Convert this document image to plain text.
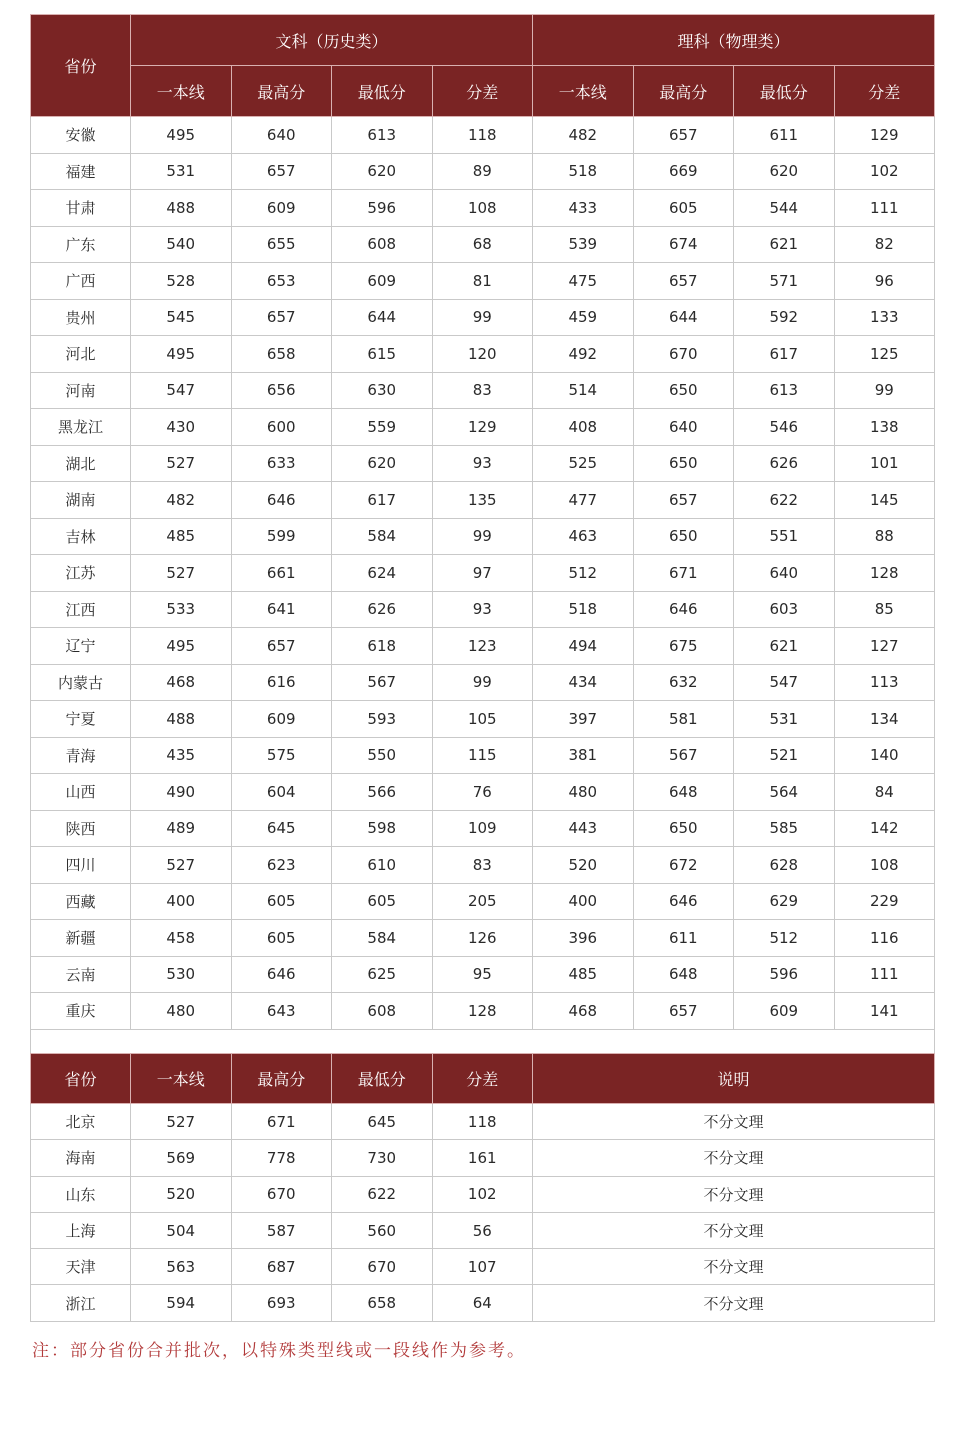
省份	文科（历史类）				理科（物理类）			
	一本线	最高分	最低分	分差	一本线	最高分	最低分	分差
安徽	495	640	613	118	482	657	611	129
福建	531	657	620	89	518	669	620	102
甘肃	488	609	596	108	433	605	544	111
广东	540	655	608	68	539	674	621	82
广西	528	653	609	81	475	657	571	96
贵州	545	657	644	99	459	644	592	133
河北	495	658	615	120	492	670	617	125
河南	547	656	630	83	514	650	613	99
黑龙江	430	600	559	129	408	640	546	138
湖北	527	633	620	93	525	650	626	101
湖南	482	646	617	135	477	657	622	145
吉林	485	599	584	99	463	650	551	88
江苏	527	661	624	97	512	671	640	128
江西	533	641	626	93	518	646	603	85
辽宁	495	657	618	123	494	675	621	127
内蒙古	468	616	567	99	434	632	547	113
宁夏	488	609	593	105	397	581	531	134
青海	435	575	550	115	381	567	521	140
山西	490	604	566	76	480	648	564	84
陕西	489	645	598	109	443	650	585	142
四川	527	623	610	83	520	672	628	108
西藏	400	605	605	205	400	646	629	229
新疆	458	605	584	126	396	611	512	116
云南	530	646	625	95	485	648	596	111
重庆	480	643	608	128	468	657	609	141

省份	一本线	最高分	最低分	分差	说明
北京	527	671	645	118	不分文理
海南	569	778	730	161	不分文理
山东	520	670	622	102	不分文理
上海	504	587	560	56	不分文理
天津	563	687	670	107	不分文理
浙江	594	693	658	64	不分文理
注：部分省份合并批次，以特殊类型线或一段线作为参考。
